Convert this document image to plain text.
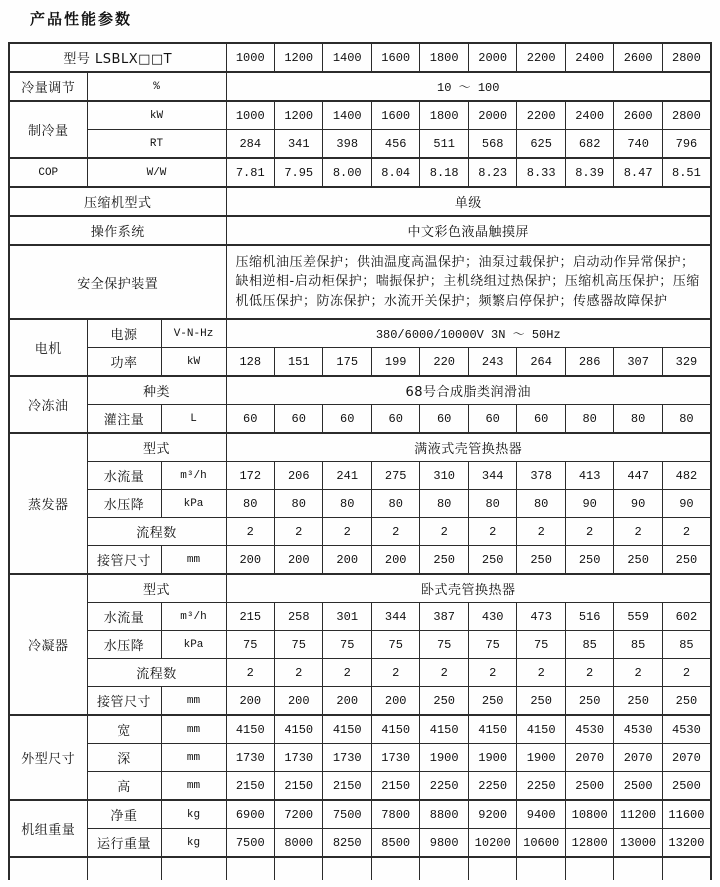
产品性能参数
型号 LSBLX□□T			1000	1200	1400	1600	1800	2000	2200	2400	2600	2800
冷量调节	%		10 ～ 100									
制冷量	kW		1000	1200	1400	1600	1800	2000	2200	2400	2600	2800
	RT		284	341	398	456	511	568	625	682	740	796
COP	W/W		7.81	7.95	8.00	8.04	8.18	8.23	8.33	8.39	8.47	8.51
压缩机型式			单级									
操作系统			中文彩色液晶触摸屏									
安全保护装置			压缩机油压差保护；供油温度高温保护；油泵过载保护；启动动作异常保护；缺相逆相-启动柜保护；喘振保护；主机绕组过热保护；压缩机高压保护；压缩机低压保护；防冻保护；水流开关保护；频繁启停保护；传感器故障保护									
电机	电源	V-N-Hz	380/6000/10000V 3N ～ 50Hz									
	功率	kW	128	151	175	199	220	243	264	286	307	329
冷冻油	种类		68号合成脂类润滑油									
	灌注量	L	60	60	60	60	60	60	60	80	80	80
蒸发器	型式		满液式壳管换热器									
	水流量	m³/h	172	206	241	275	310	344	378	413	447	482
	水压降	kPa	80	80	80	80	80	80	80	90	90	90
	流程数		2	2	2	2	2	2	2	2	2	2
	接管尺寸	mm	200	200	200	200	250	250	250	250	250	250
冷凝器	型式		卧式壳管换热器									
	水流量	m³/h	215	258	301	344	387	430	473	516	559	602
	水压降	kPa	75	75	75	75	75	75	75	85	85	85
	流程数		2	2	2	2	2	2	2	2	2	2
	接管尺寸	mm	200	200	200	200	250	250	250	250	250	250
外型尺寸	宽	mm	4150	4150	4150	4150	4150	4150	4150	4530	4530	4530
	深	mm	1730	1730	1730	1730	1900	1900	1900	2070	2070	2070
	高	mm	2150	2150	2150	2150	2250	2250	2250	2500	2500	2500
机组重量	净重	kg	6900	7200	7500	7800	8800	9200	9400	10800	11200	11600
	运行重量	kg	7500	8000	8250	8500	9800	10200	10600	12800	13000	13200
